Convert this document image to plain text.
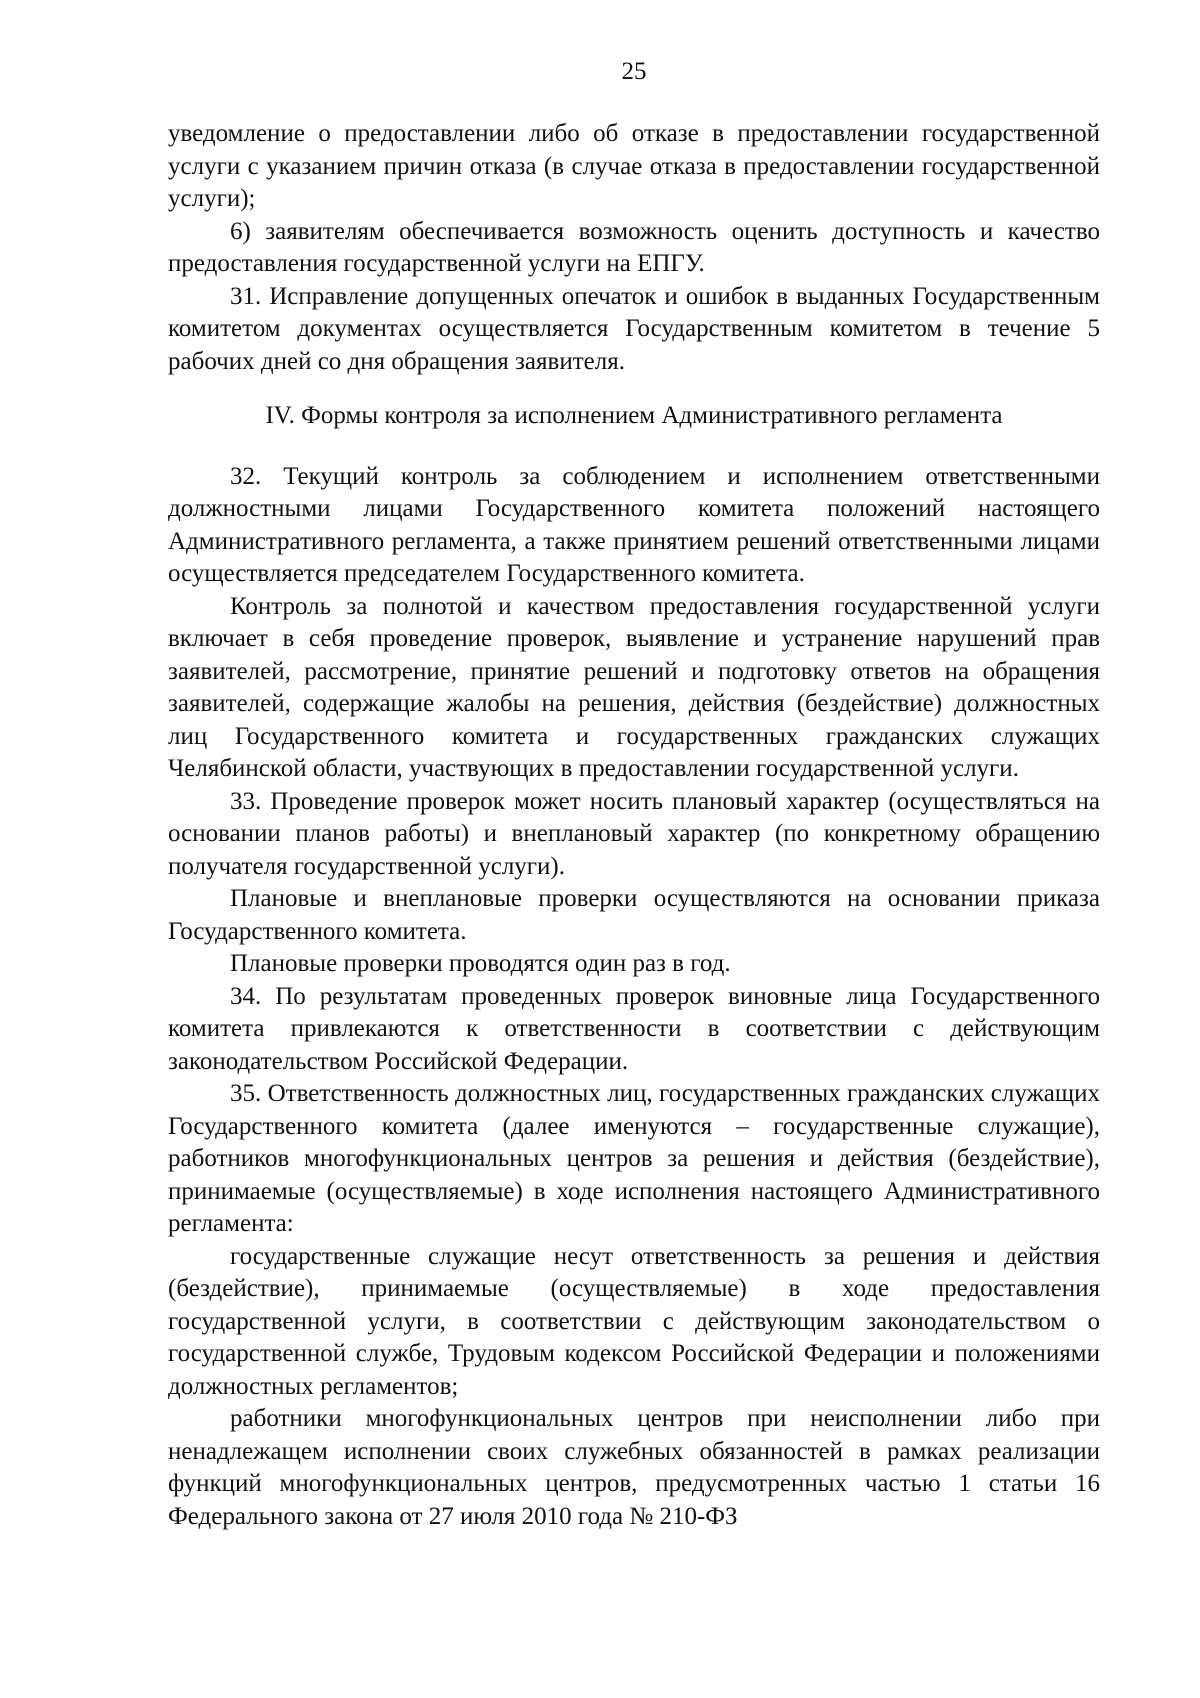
25

уведомление о предоставлении либо об отказе в предоставлении государственной услуги с указанием причин отказа (в случае отказа в предоставлении государственной услуги);

6) заявителям обеспечивается возможность оценить доступность и качество предоставления государственной услуги на ЕПГУ.

31. Исправление допущенных опечаток и ошибок в выданных Государственным комитетом документах осуществляется Государственным комитетом в течение 5 рабочих дней со дня обращения заявителя.

IV. Формы контроля за исполнением Административного регламента

32. Текущий контроль за соблюдением и исполнением ответственными должностными лицами Государственного комитета положений настоящего Административного регламента, а также принятием решений ответственными лицами осуществляется председателем Государственного комитета.

Контроль за полнотой и качеством предоставления государственной услуги включает в себя проведение проверок, выявление и устранение нарушений прав заявителей, рассмотрение, принятие решений и подготовку ответов на обращения заявителей, содержащие жалобы на решения, действия (бездействие) должностных лиц Государственного комитета и государственных гражданских служащих Челябинской области, участвующих в предоставлении государственной услуги.

33. Проведение проверок может носить плановый характер (осуществляться на основании планов работы) и внеплановый характер (по конкретному обращению получателя государственной услуги).

Плановые и внеплановые проверки осуществляются на основании приказа Государственного комитета.

Плановые проверки проводятся один раз в год.

34. По результатам проведенных проверок виновные лица Государственного комитета привлекаются к ответственности в соответствии с действующим законодательством Российской Федерации.

35. Ответственность должностных лиц, государственных гражданских служащих Государственного комитета (далее именуются – государственные служащие), работников многофункциональных центров за решения и действия (бездействие), принимаемые (осуществляемые) в ходе исполнения настоящего Административного регламента:

государственные служащие несут ответственность за решения и действия (бездействие), принимаемые (осуществляемые) в ходе предоставления государственной услуги, в соответствии с действующим законодательством о государственной службе, Трудовым кодексом Российской Федерации и положениями должностных регламентов;

работники многофункциональных центров при неисполнении либо при ненадлежащем исполнении своих служебных обязанностей в рамках реализации функций многофункциональных центров, предусмотренных частью 1 статьи 16 Федерального закона от 27 июля 2010 года № 210-ФЗ
